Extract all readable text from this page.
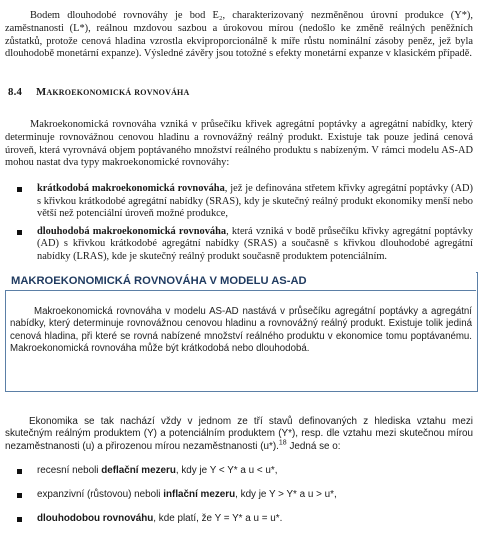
Bodem dlouhodobé rovnováhy je bod E₂, charakterizovaný nezměněnou úrovní produkce (Y*), zaměstnanosti (L*), reálnou mzdovou sazbou a úrokovou mírou (nedošlo ke změně reálných peněžních zůstatků, protože cenová hladina vzrostla ekviproporcionálně k míře růstu nominální zásoby peněz, jež byla dlouhodobě monetární expanze). Výsledné závěry jsou totožné s efekty monetární expanze v klasickém případě.

8.4 Makroekonomická rovnováha

Makroekonomická rovnováha vzniká v průsečíku křivek agregátní poptávky a agregátní nabídky, který determinuje rovnovážnou cenovou hladinu a rovnovážný reálný produkt. Existuje tak pouze jediná cenová úroveň, která vyrovnává objem poptávaného množství reálného produktu s nabízeným. V rámci modelu AS-AD mohou nastat dva typy makroekonomické rovnováhy:

krátkodobá makroekonomická rovnováha, jež je definována střetem křivky agregátní poptávky (AD) s křivkou krátkodobé agregátní nabídky (SRAS), kdy je skutečný reálný produkt ekonomiky menší nebo větší než potenciální úroveň možné produkce,
dlouhodobá makroekonomická rovnováha, která vzniká v bodě průsečíku křivky agregátní poptávky (AD) s křivkou krátkodobé agregátní nabídky (SRAS) a současně s křivkou dlouhodobé agregátní nabídky (LRAS), kde je skutečný reálný produkt současně produktem potenciálním.
MAKROEKONOMICKÁ ROVNOVÁHA V MODELU AS-AD

Makroekonomická rovnováha v modelu AS-AD nastává v průsečíku agregátní poptávky a agregátní nabídky, který determinuje rovnovážnou cenovou hladinu a rovnovážný reálný produkt. Existuje tolik jediná cenová hladina, při které se rovná nabízené množství reálného produktu v ekonomice tomu poptávanému. Makroekonomická rovnováha může být krátkodobá nebo dlouhodobá.

Ekonomika se tak nachází vždy v jednom ze tří stavů definovaných z hlediska vztahu mezi skutečným reálným produktem (Y) a potenciálním produktem (Y*), resp. dle vztahu mezi skutečnou mírou nezaměstnanosti (u) a přirozenou mírou nezaměstnanosti (u*).$^{18}$ Jedná se o:

recesní neboli deflační mezeru, kdy je Y < Y* a u < u*,
expanzivní (růstovou) neboli inflační mezeru, kdy je Y > Y* a u > u*,
dlouhodobou rovnováhu, kde platí, že Y = Y* a u = u*.
